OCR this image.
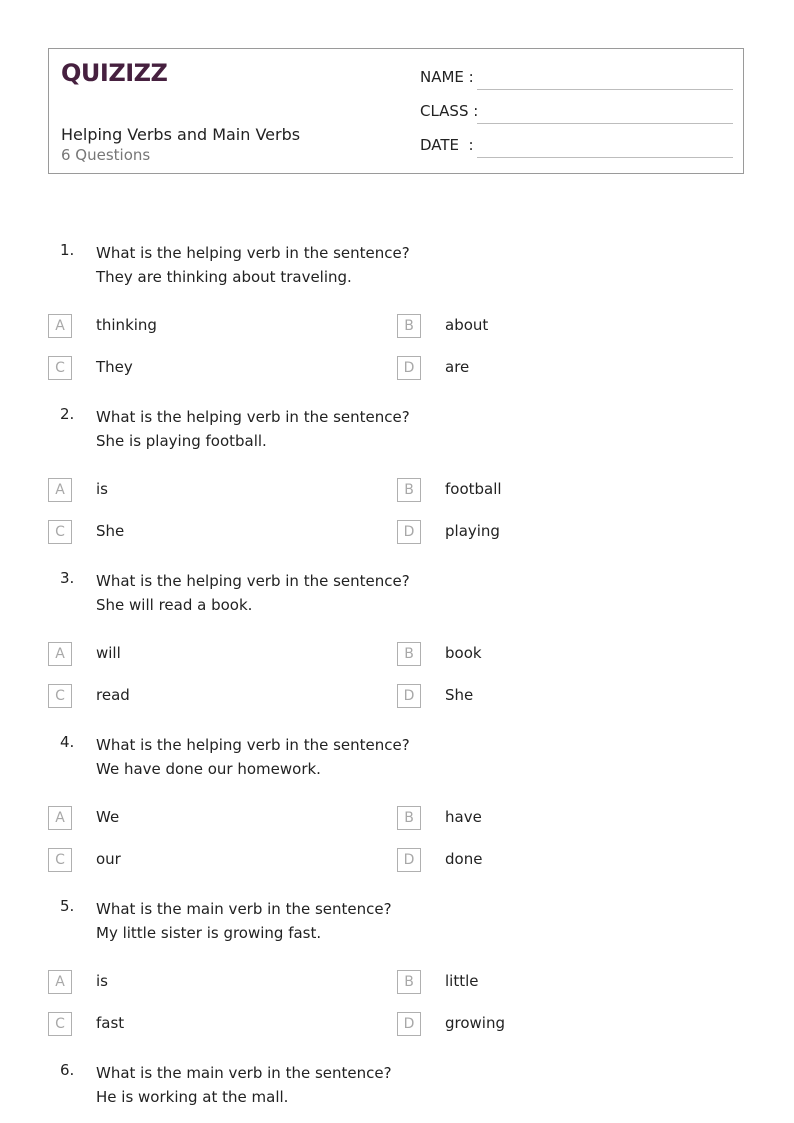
QUIZIZZ
Helping Verbs and Main Verbs
6 Questions
NAME :
CLASS :
DATE  :
1. What is the helping verb in the sentence?
They are thinking about traveling.
A	thinking	B	about
C	They	D	are
2. What is the helping verb in the sentence?
She is playing football.
A	is	B	football
C	She	D	playing
3. What is the helping verb in the sentence?
She will read a book.
A	will	B	book
C	read	D	She
4. What is the helping verb in the sentence?
We have done our homework.
A	We	B	have
C	our	D	done
5. What is the main verb in the sentence?
My little sister is growing fast.
A	is	B	little
C	fast	D	growing
6. What is the main verb in the sentence?
He is working at the mall.
